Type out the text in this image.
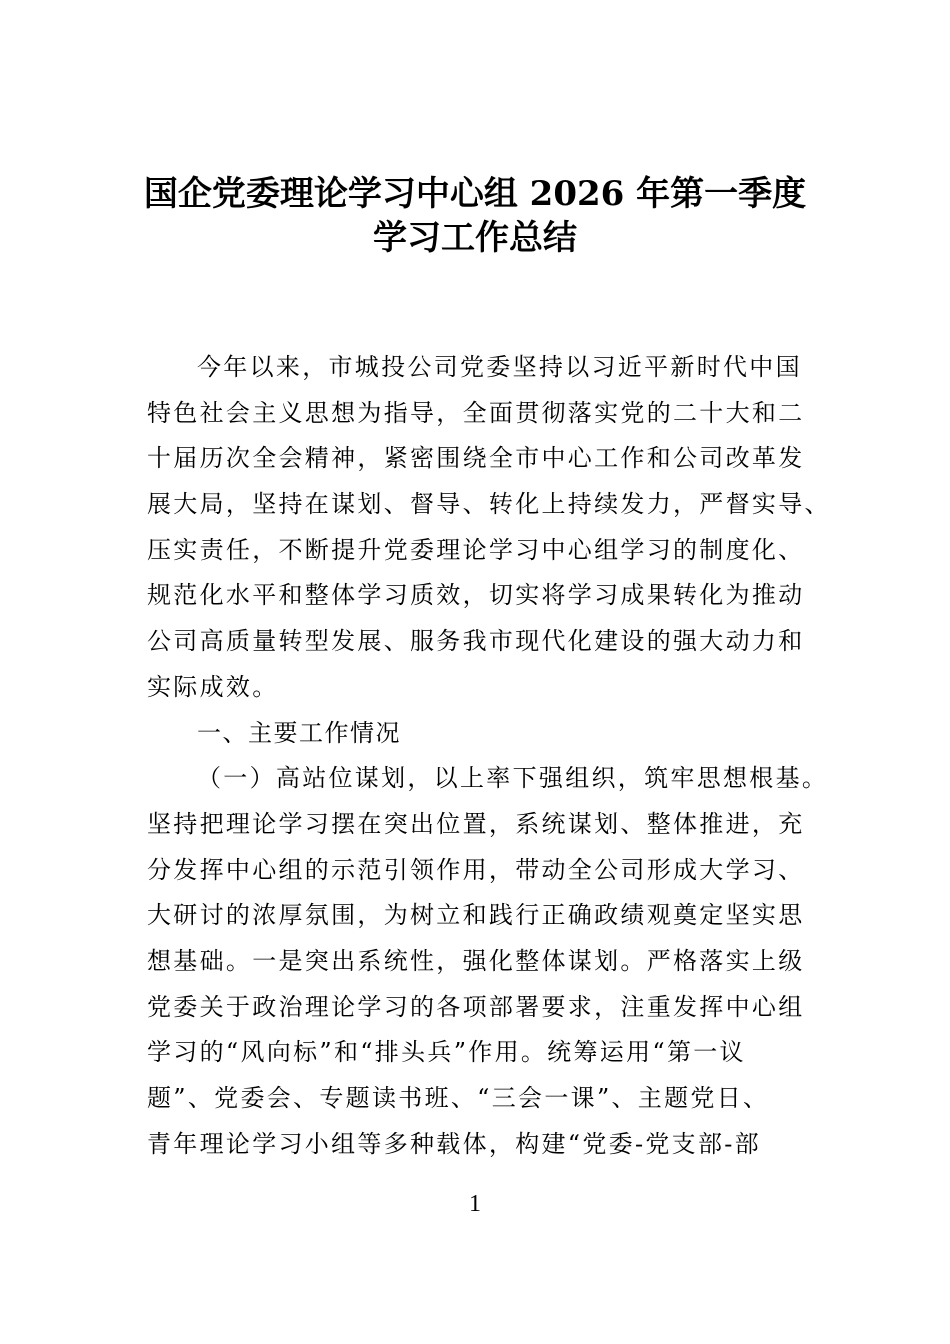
国企党委理论学习中心组 2026 年第一季度
学习工作总结
今年以来，市城投公司党委坚持以习近平新时代中国
特色社会主义思想为指导，全面贯彻落实党的二十大和二
十届历次全会精神，紧密围绕全市中心工作和公司改革发
展大局，坚持在谋划、督导、转化上持续发力，严督实导、
压实责任，不断提升党委理论学习中心组学习的制度化、
规范化水平和整体学习质效，切实将学习成果转化为推动
公司高质量转型发展、服务我市现代化建设的强大动力和
实际成效。
一、主要工作情况
（一）高站位谋划，以上率下强组织，筑牢思想根基。
坚持把理论学习摆在突出位置，系统谋划、整体推进，充
分发挥中心组的示范引领作用，带动全公司形成大学习、
大研讨的浓厚氛围，为树立和践行正确政绩观奠定坚实思
想基础。一是突出系统性，强化整体谋划。严格落实上级
党委关于政治理论学习的各项部署要求，注重发挥中心组
学习的“风向标”和“排头兵”作用。统筹运用“第一议
题”、党委会、专题读书班、“三会一课”、主题党日、
青年理论学习小组等多种载体，构建“党委-党支部-部
1
